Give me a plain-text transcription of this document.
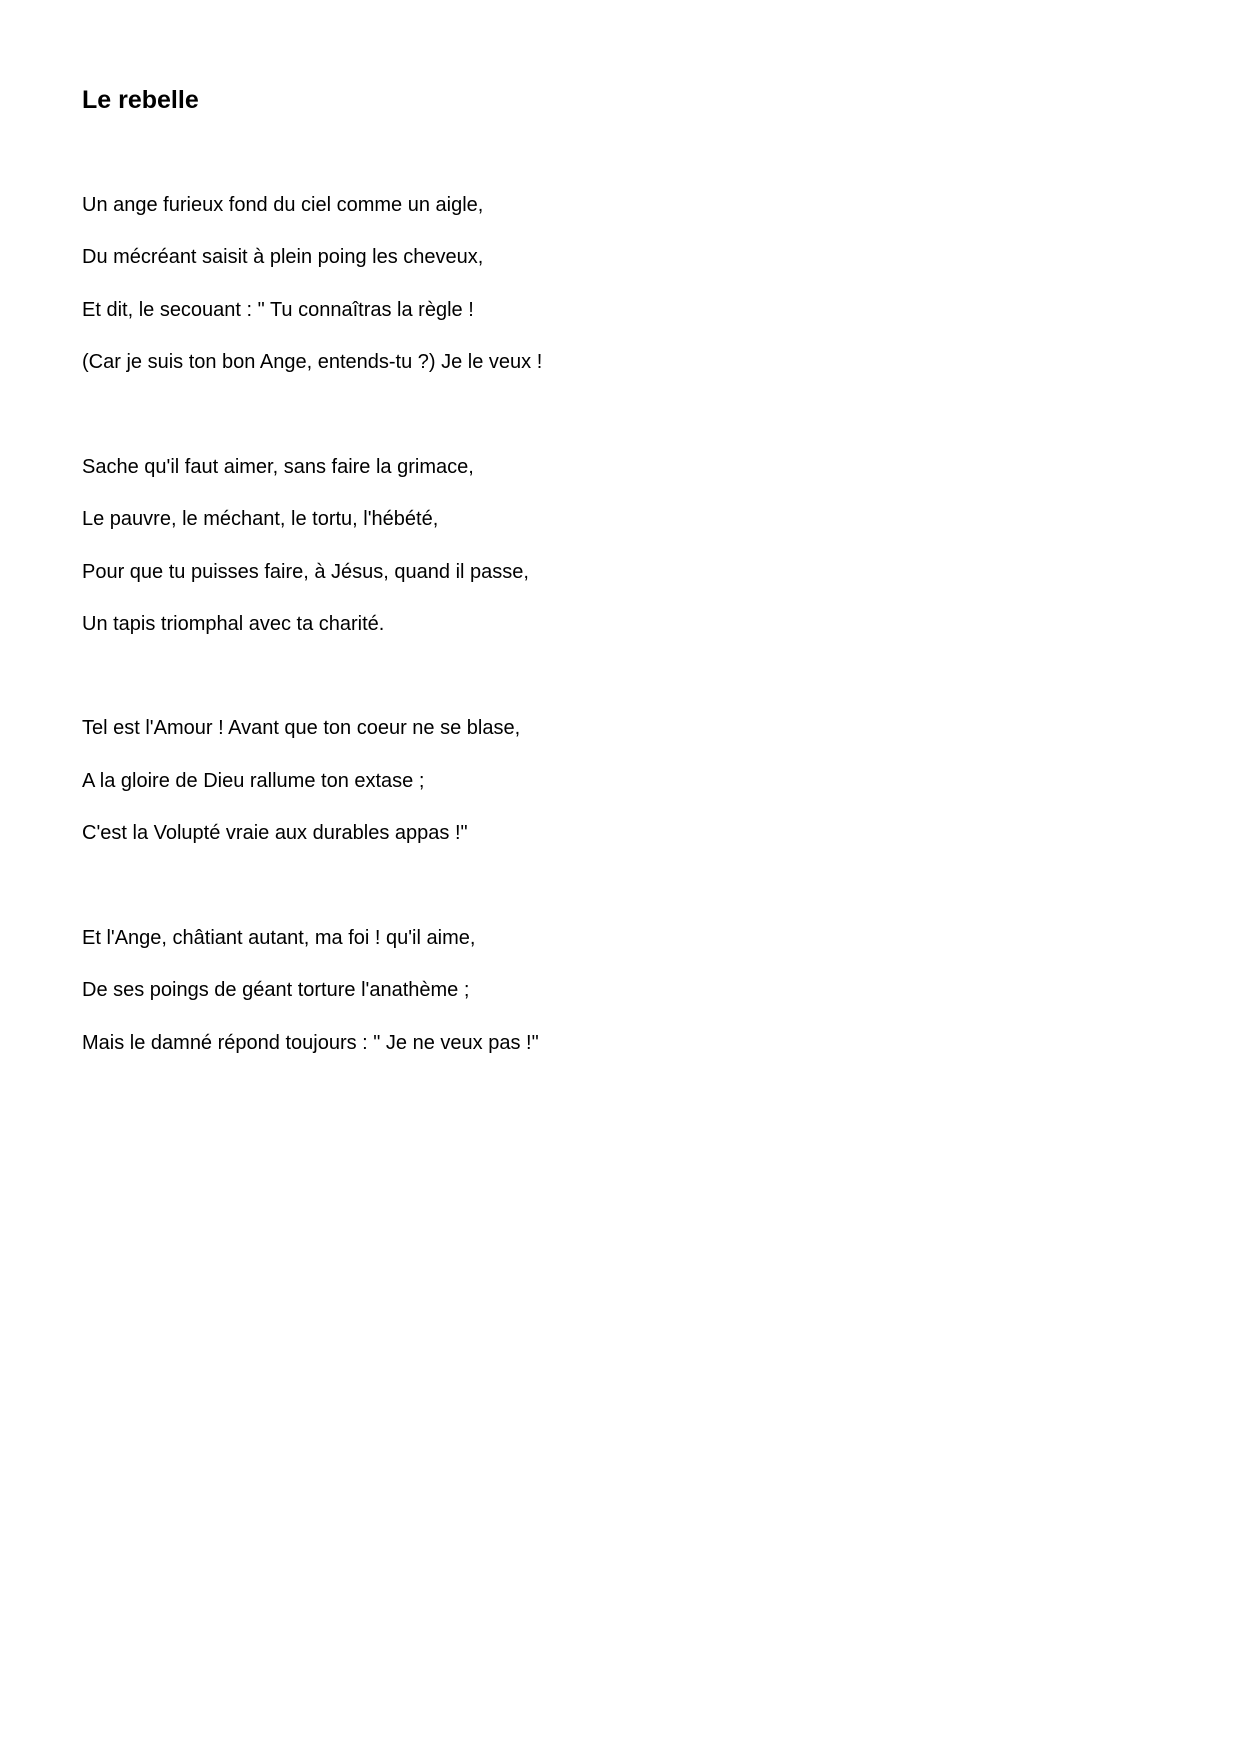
Le rebelle

Un ange furieux fond du ciel comme un aigle,

Du mécréant saisit à plein poing les cheveux,

Et dit, le secouant : " Tu connaîtras la règle !

(Car je suis ton bon Ange, entends-tu ?) Je le veux !

Sache qu'il faut aimer, sans faire la grimace,

Le pauvre, le méchant, le tortu, l'hébété,

Pour que tu puisses faire, à Jésus, quand il passe,

Un tapis triomphal avec ta charité.

Tel est l'Amour ! Avant que ton coeur ne se blase,

A la gloire de Dieu rallume ton extase ;

C'est la Volupté vraie aux durables appas !"

Et l'Ange, châtiant autant, ma foi ! qu'il aime,

De ses poings de géant torture l'anathème ;

Mais le damné répond toujours : " Je ne veux pas !"
